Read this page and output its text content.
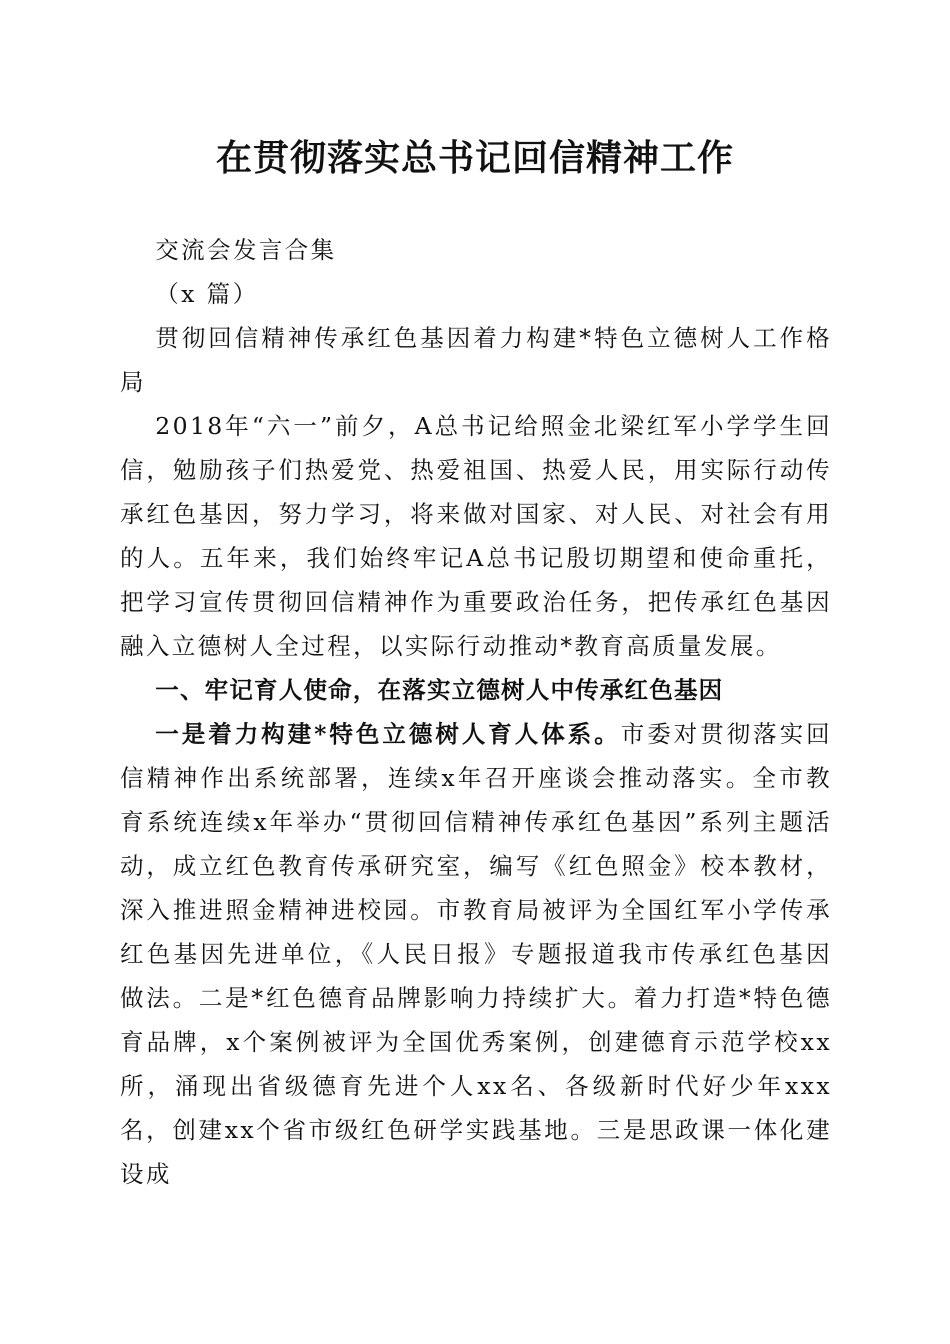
在贯彻落实总书记回信精神工作

交流会发言合集

（x 篇）

贯彻回信精神传承红色基因着力构建*特色立德树人工作格局

2018年“六一”前夕，A总书记给照金北梁红军小学学生回信，勉励孩子们热爱党、热爱祖国、热爱人民，用实际行动传承红色基因，努力学习，将来做对国家、对人民、对社会有用的人。五年来，我们始终牢记A总书记殷切期望和使命重托，把学习宣传贯彻回信精神作为重要政治任务，把传承红色基因融入立德树人全过程，以实际行动推动*教育高质量发展。

一、牢记育人使命，在落实立德树人中传承红色基因

一是着力构建*特色立德树人育人体系。市委对贯彻落实回信精神作出系统部署，连续x年召开座谈会推动落实。全市教育系统连续x年举办“贯彻回信精神传承红色基因”系列主题活动，成立红色教育传承研究室，编写《红色照金》校本教材，深入推进照金精神进校园。市教育局被评为全国红军小学传承红色基因先进单位，《人民日报》专题报道我市传承红色基因做法。二是*红色德育品牌影响力持续扩大。着力打造*特色德育品牌，x个案例被评为全国优秀案例，创建德育示范学校xx所，涌现出省级德育先进个人xx名、各级新时代好少年xxx名，创建xx个省市级红色研学实践基地。三是思政课一体化建设成
